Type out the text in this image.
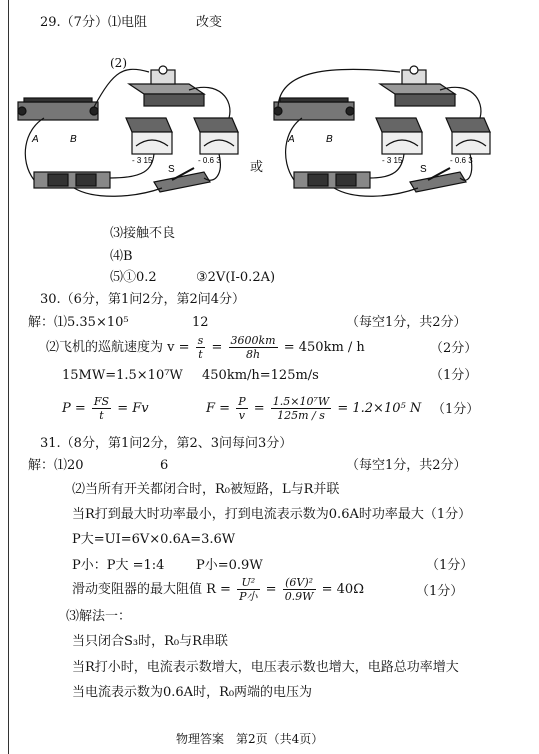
29.（7分）⑴电阻	改变
(2)
A	B
- 3 15	- 0.6 3
S	或
A	B
- 3 15	- 0.6 3
S
⑶接触不良
⑷B
⑸①0.2	③2V(I-0.2A)
30.（6分，第1问2分，第2问4分）
解：⑴5.35×10⁵	12	（每空1分，共2分）
⑵飞机的巡航速度为 $v = \frac{s}{t} = \frac{3600km}{8h} = 450km / h$	（2分）
15MW=1.5×10⁷W 450km/h=125m/s	（1分）
$P = \frac{FS}{t} = Fv$	$F = \frac{P}{v} = \frac{\text{1.5×10⁷W}}{125m / s} = 1.2\times 10^5$ N （1分）
31.（8分，第1问2分，第2、3问每问3分）
解：⑴20	6	（每空1分，共2分）
⑵当所有开关都闭合时，R₀被短路，L与R并联
当R打到最大时功率最小，打到电流表示数为0.6A时功率最大（1分）
P大=UI=6V×0.6A=3.6W
P小：P大 =1:4 P小=0.9W	（1分）
滑动变阻器的最大阻值 $R = \frac{\text{U²}}{\text{P小}} = \frac{\text{(6V)²}}{0.9W} = 40\Omega$	（1分）
⑶解法一：
当只闭合S₃时，R₀与R串联
当R打小时，电流表示数增大，电压表示数也增大，电路总功率增大
当电流表示数为0.6A时，R₀两端的电压为
物理答案　第2页（共4页）
